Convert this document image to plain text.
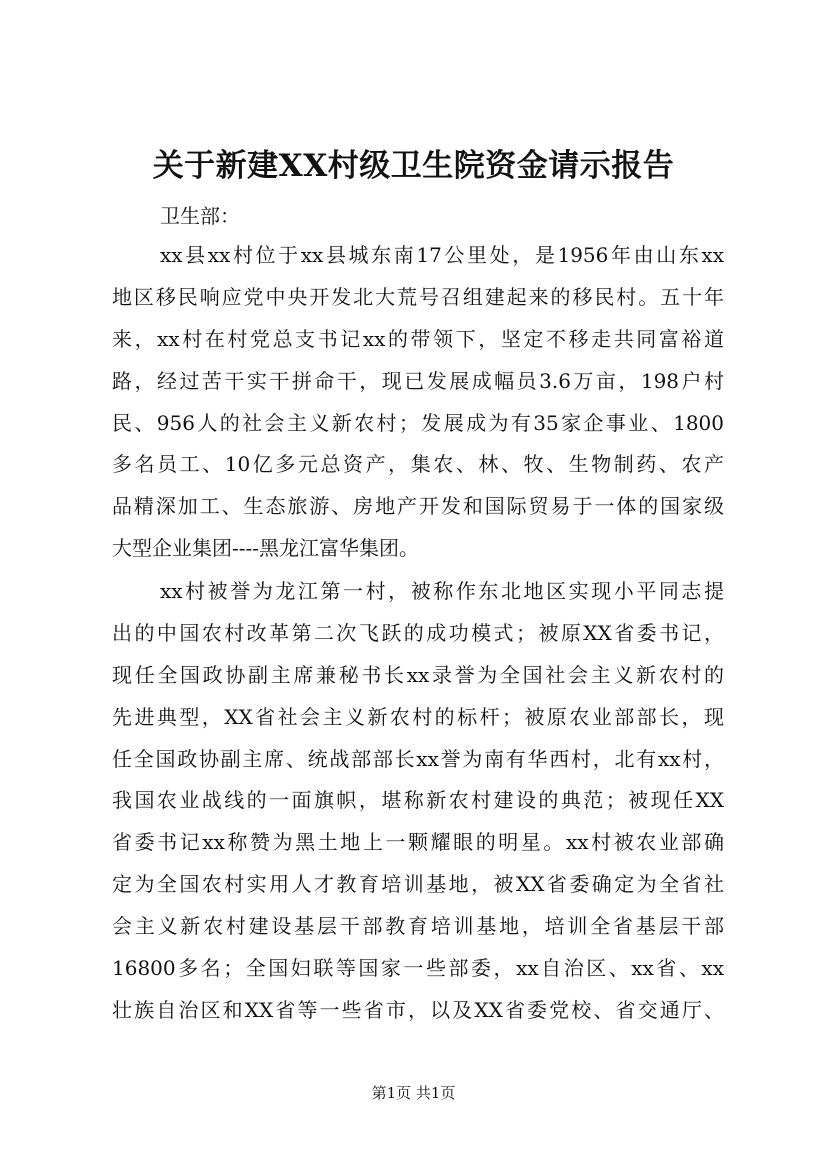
关于新建XX村级卫生院资金请示报告
卫生部：
xx县xx村位于xx县城东南17公里处，是1956年由山东xx
地区移民响应党中央开发北大荒号召组建起来的移民村。五十年
来，xx村在村党总支书记xx的带领下，坚定不移走共同富裕道
路，经过苦干实干拼命干，现已发展成幅员3.6万亩，198户村
民、956人的社会主义新农村；发展成为有35家企事业、1800
多名员工、10亿多元总资产，集农、林、牧、生物制药、农产
品精深加工、生态旅游、房地产开发和国际贸易于一体的国家级
大型企业集团----黑龙江富华集团。
xx村被誉为龙江第一村，被称作东北地区实现小平同志提
出的中国农村改革第二次飞跃的成功模式；被原XX省委书记，
现任全国政协副主席兼秘书长xx录誉为全国社会主义新农村的
先进典型，XX省社会主义新农村的标杆；被原农业部部长，现
任全国政协副主席、统战部部长xx誉为南有华西村，北有xx村，
我国农业战线的一面旗帜，堪称新农村建设的典范；被现任XX
省委书记xx称赞为黑土地上一颗耀眼的明星。xx村被农业部确
定为全国农村实用人才教育培训基地，被XX省委确定为全省社
会主义新农村建设基层干部教育培训基地，培训全省基层干部
16800多名；全国妇联等国家一些部委，xx自治区、xx省、xx
壮族自治区和XX省等一些省市，以及XX省委党校、省交通厅、
第1页 共1页
